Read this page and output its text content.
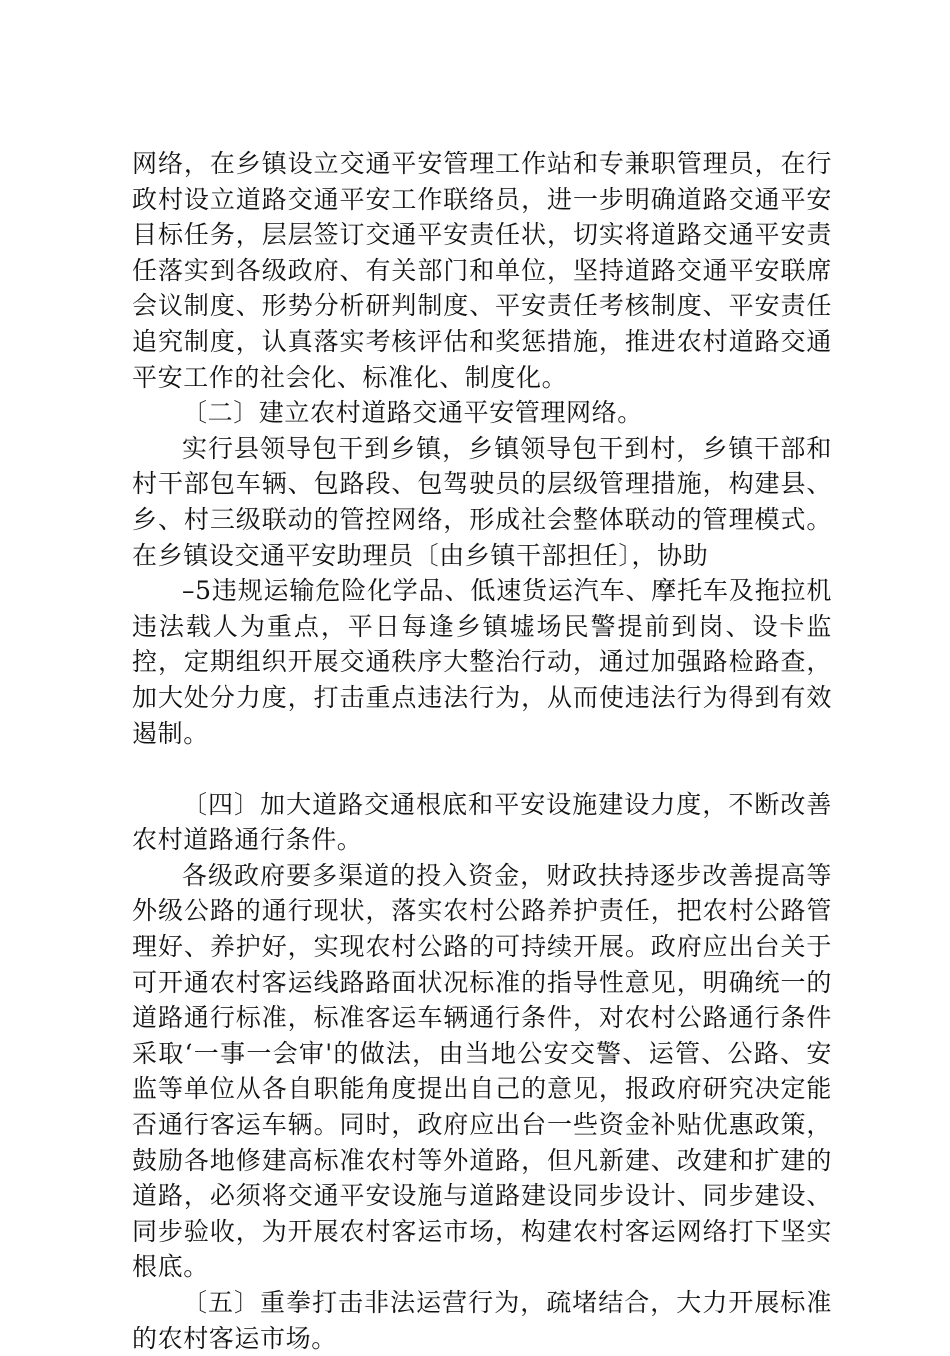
网络，在乡镇设立交通平安管理工作站和专兼职管理员，在行政村设立道路交通平安工作联络员，进一步明确道路交通平安目标任务，层层签订交通平安责任状，切实将道路交通平安责任落实到各级政府、有关部门和单位，坚持道路交通平安联席会议制度、形势分析研判制度、平安责任考核制度、平安责任追究制度，认真落实考核评估和奖惩措施，推进农村道路交通平安工作的社会化、标准化、制度化。

〔二〕建立农村道路交通平安管理网络。

实行县领导包干到乡镇，乡镇领导包干到村，乡镇干部和村干部包车辆、包路段、包驾驶员的层级管理措施，构建县、乡、村三级联动的管控网络，形成社会整体联动的管理模式。在乡镇设交通平安助理员〔由乡镇干部担任〕，协助

–5违规运输危险化学品、低速货运汽车、摩托车及拖拉机违法载人为重点，平日每逢乡镇墟场民警提前到岗、设卡监控，定期组织开展交通秩序大整治行动，通过加强路检路查，加大处分力度，打击重点违法行为，从而使违法行为得到有效遏制。

〔四〕加大道路交通根底和平安设施建设力度，不断改善农村道路通行条件。

各级政府要多渠道的投入资金，财政扶持逐步改善提高等外级公路的通行现状，落实农村公路养护责任，把农村公路管理好、养护好，实现农村公路的可持续开展。政府应出台关于可开通农村客运线路路面状况标准的指导性意见，明确统一的道路通行标准，标准客运车辆通行条件，对农村公路通行条件采取‘一事一会审'的做法，由当地公安交警、运管、公路、安监等单位从各自职能角度提出自己的意见，报政府研究决定能否通行客运车辆。同时，政府应出台一些资金补贴优惠政策，鼓励各地修建高标准农村等外道路，但凡新建、改建和扩建的道路，必须将交通平安设施与道路建设同步设计、同步建设、同步验收，为开展农村客运市场，构建农村客运网络打下坚实根底。

〔五〕重拳打击非法运营行为，疏堵结合，大力开展标准的农村客运市场。
